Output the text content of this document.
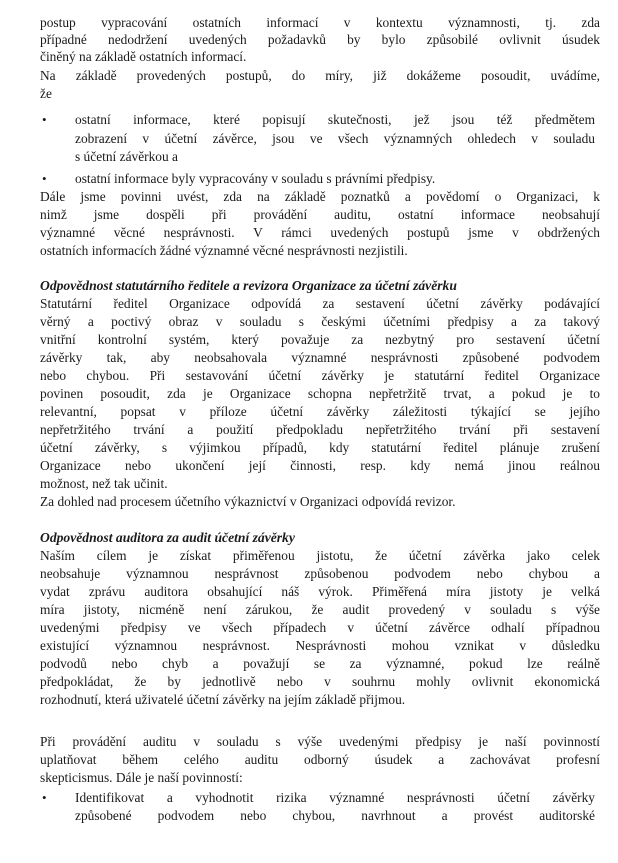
postup vypracování ostatních informací v kontextu významnosti, tj. zda
případné nedodržení uvedených požadavků by bylo způsobilé ovlivnit úsudek
činěný na základě ostatních informací.
Na základě provedených postupů, do míry, již dokážeme posoudit, uvádíme,
že
• ostatní informace, které popisují skutečnosti, jež jsou též předmětem
zobrazení v účetní závěrce, jsou ve všech významných ohledech v souladu
s účetní závěrkou a
• ostatní informace byly vypracovány v souladu s právními předpisy.
Dále jsme povinni uvést, zda na základě poznatků a povědomí o Organizaci, k
nimž jsme dospěli při provádění auditu, ostatní informace neobsahují
významné věcné nesprávnosti. V rámci uvedených postupů jsme v obdržených
ostatních informacích žádné významné věcné nesprávnosti nezjistili.
Odpovědnost statutárního ředitele a revizora Organizace za účetní závěrku
Statutární ředitel Organizace odpovídá za sestavení účetní závěrky podávající
věrný a poctivý obraz v souladu s českými účetními předpisy a za takový
vnitřní kontrolní systém, který považuje za nezbytný pro sestavení účetní
závěrky tak, aby neobsahovala významné nesprávnosti způsobené podvodem
nebo chybou. Při sestavování účetní závěrky je statutární ředitel Organizace
povinen posoudit, zda je Organizace schopna nepřetržitě trvat, a pokud je to
relevantní, popsat v příloze účetní závěrky záležitosti týkající se jejího
nepřetržitého trvání a použití předpokladu nepřetržitého trvání při sestavení
účetní závěrky, s výjimkou případů, kdy statutární ředitel plánuje zrušení
Organizace nebo ukončení její činnosti, resp. kdy nemá jinou reálnou
možnost, než tak učinit.
Za dohled nad procesem účetního výkaznictví v Organizaci odpovídá revizor.
Odpovědnost auditora za audit účetní závěrky
Naším cílem je získat přiměřenou jistotu, že účetní závěrka jako celek
neobsahuje významnou nesprávnost způsobenou podvodem nebo chybou a
vydat zprávu auditora obsahující náš výrok. Přiměřená míra jistoty je velká
míra jistoty, nicméně není zárukou, že audit provedený v souladu s výše
uvedenými předpisy ve všech případech v účetní závěrce odhalí případnou
existující významnou nesprávnost. Nesprávnosti mohou vznikat v důsledku
podvodů nebo chyb a považují se za významné, pokud lze reálně
předpokládat, že by jednotlivě nebo v souhrnu mohly ovlivnit ekonomická
rozhodnutí, která uživatelé účetní závěrky na jejím základě přijmou.
Při provádění auditu v souladu s výše uvedenými předpisy je naší povinností
uplatňovat během celého auditu odborný úsudek a zachovávat profesní
skepticismus. Dále je naší povinností:
• Identifikovat a vyhodnotit rizika významné nesprávnosti účetní závěrky
způsobené podvodem nebo chybou, navrhnout a provést auditorské
